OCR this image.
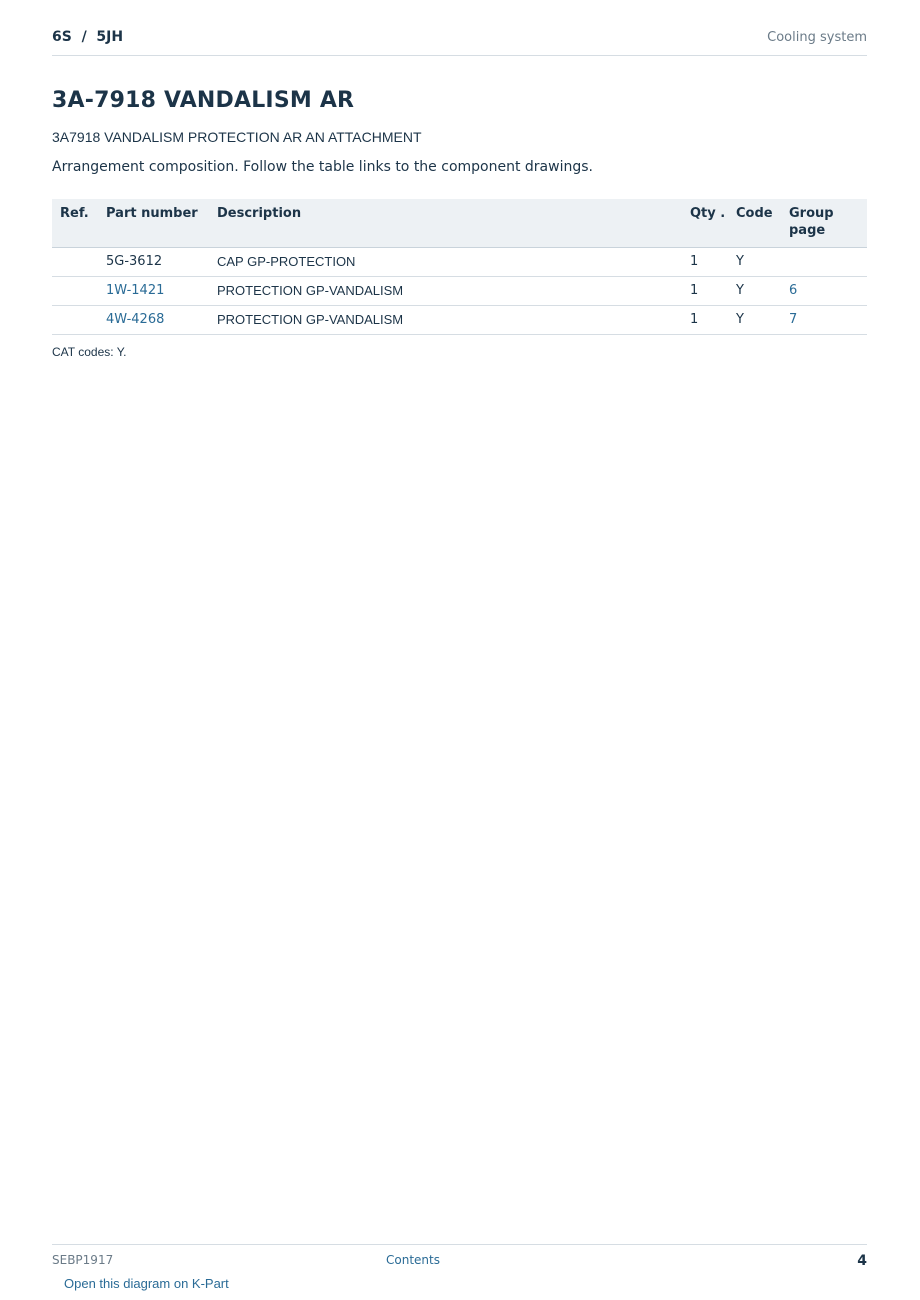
6S  /  5JH	Cooling system
3A-7918 VANDALISM AR
3A7918 VANDALISM PROTECTION AR AN ATTACHMENT
Arrangement composition. Follow the table links to the component drawings.
Ref.	Part number	Description	Qty .	Code	Group page
	5G-3612	CAP GP-PROTECTION	1	Y	
	1W-1421	PROTECTION GP-VANDALISM	1	Y	6
	4W-4268	PROTECTION GP-VANDALISM	1	Y	7
CAT codes: Y.
SEBP1917	Contents	4
Open this diagram on K-Part
